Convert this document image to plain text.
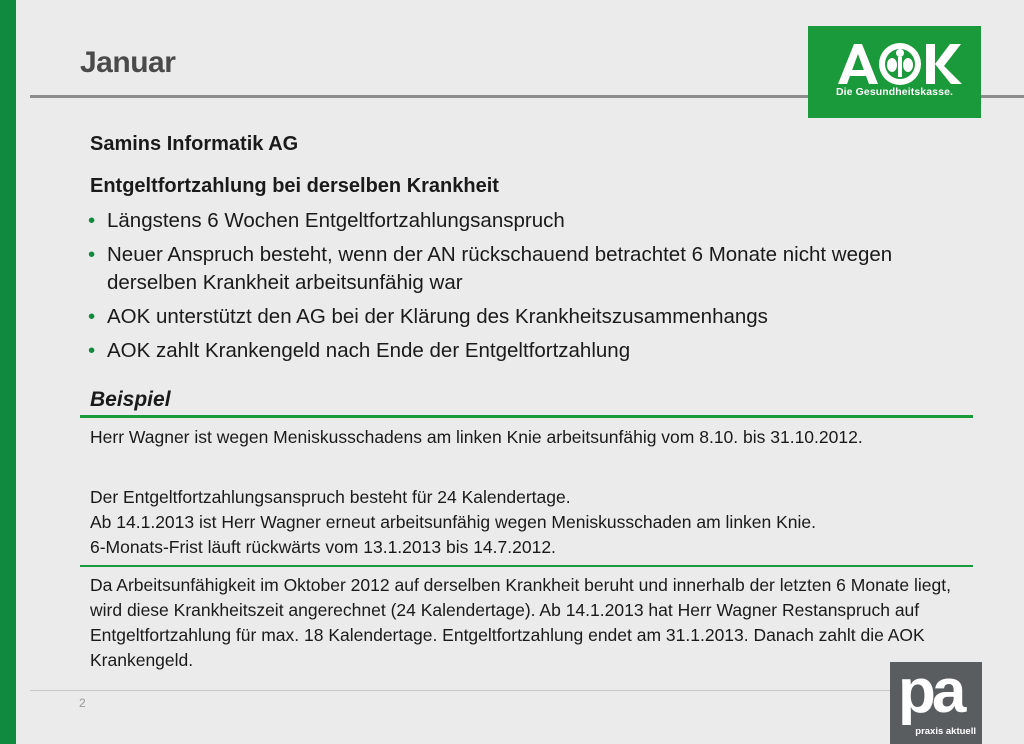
Januar
Die Gesundheitskasse.
Samins Informatik AG
Entgeltfortzahlung bei derselben Krankheit
• Längstens 6 Wochen Entgeltfortzahlungsanspruch
• Neuer Anspruch besteht, wenn der AN rückschauend betrachtet 6 Monate nicht wegen derselben Krankheit arbeitsunfähig war
• AOK unterstützt den AG bei der Klärung des Krankheitszusammenhangs
• AOK zahlt Krankengeld nach Ende der Entgeltfortzahlung
Beispiel

Herr Wagner ist wegen Meniskusschadens am linken Knie arbeitsunfähig vom 8.10. bis 31.10.2012.

Der Entgeltfortzahlungsanspruch besteht für 24 Kalendertage.
Ab 14.1.2013 ist Herr Wagner erneut arbeitsunfähig wegen Meniskusschaden am linken Knie.
6-Monats-Frist läuft rückwärts vom 13.1.2013 bis 14.7.2012.

Da Arbeitsunfähigkeit im Oktober 2012 auf derselben Krankheit beruht und innerhalb der letzten 6 Monate liegt, wird diese Krankheitszeit angerechnet (24 Kalendertage). Ab 14.1.2013 hat Herr Wagner Restanspruch auf Entgeltfortzahlung für max. 18 Kalendertage. Entgeltfortzahlung endet am 31.1.2013. Danach zahlt die AOK Krankengeld.

2	pa
praxis aktuell
